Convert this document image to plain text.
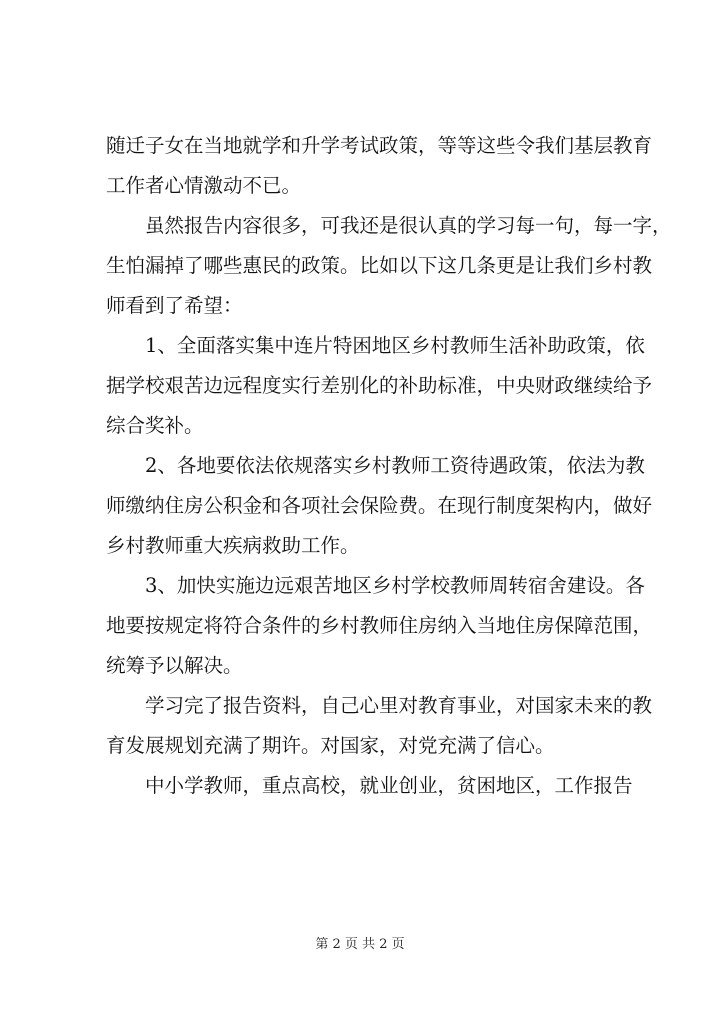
随迁子女在当地就学和升学考试政策，等等这些令我们基层教育
工作者心情激动不已。
虽然报告内容很多，可我还是很认真的学习每一句，每一字，
生怕漏掉了哪些惠民的政策。比如以下这几条更是让我们乡村教
师看到了希望：
1、全面落实集中连片特困地区乡村教师生活补助政策，依
据学校艰苦边远程度实行差别化的补助标准，中央财政继续给予
综合奖补。
2、各地要依法依规落实乡村教师工资待遇政策，依法为教
师缴纳住房公积金和各项社会保险费。在现行制度架构内，做好
乡村教师重大疾病救助工作。
3、加快实施边远艰苦地区乡村学校教师周转宿舍建设。各
地要按规定将符合条件的乡村教师住房纳入当地住房保障范围，
统筹予以解决。
学习完了报告资料，自己心里对教育事业，对国家未来的教
育发展规划充满了期许。对国家，对党充满了信心。
中小学教师，重点高校，就业创业，贫困地区，工作报告
第 2 页 共 2 页
